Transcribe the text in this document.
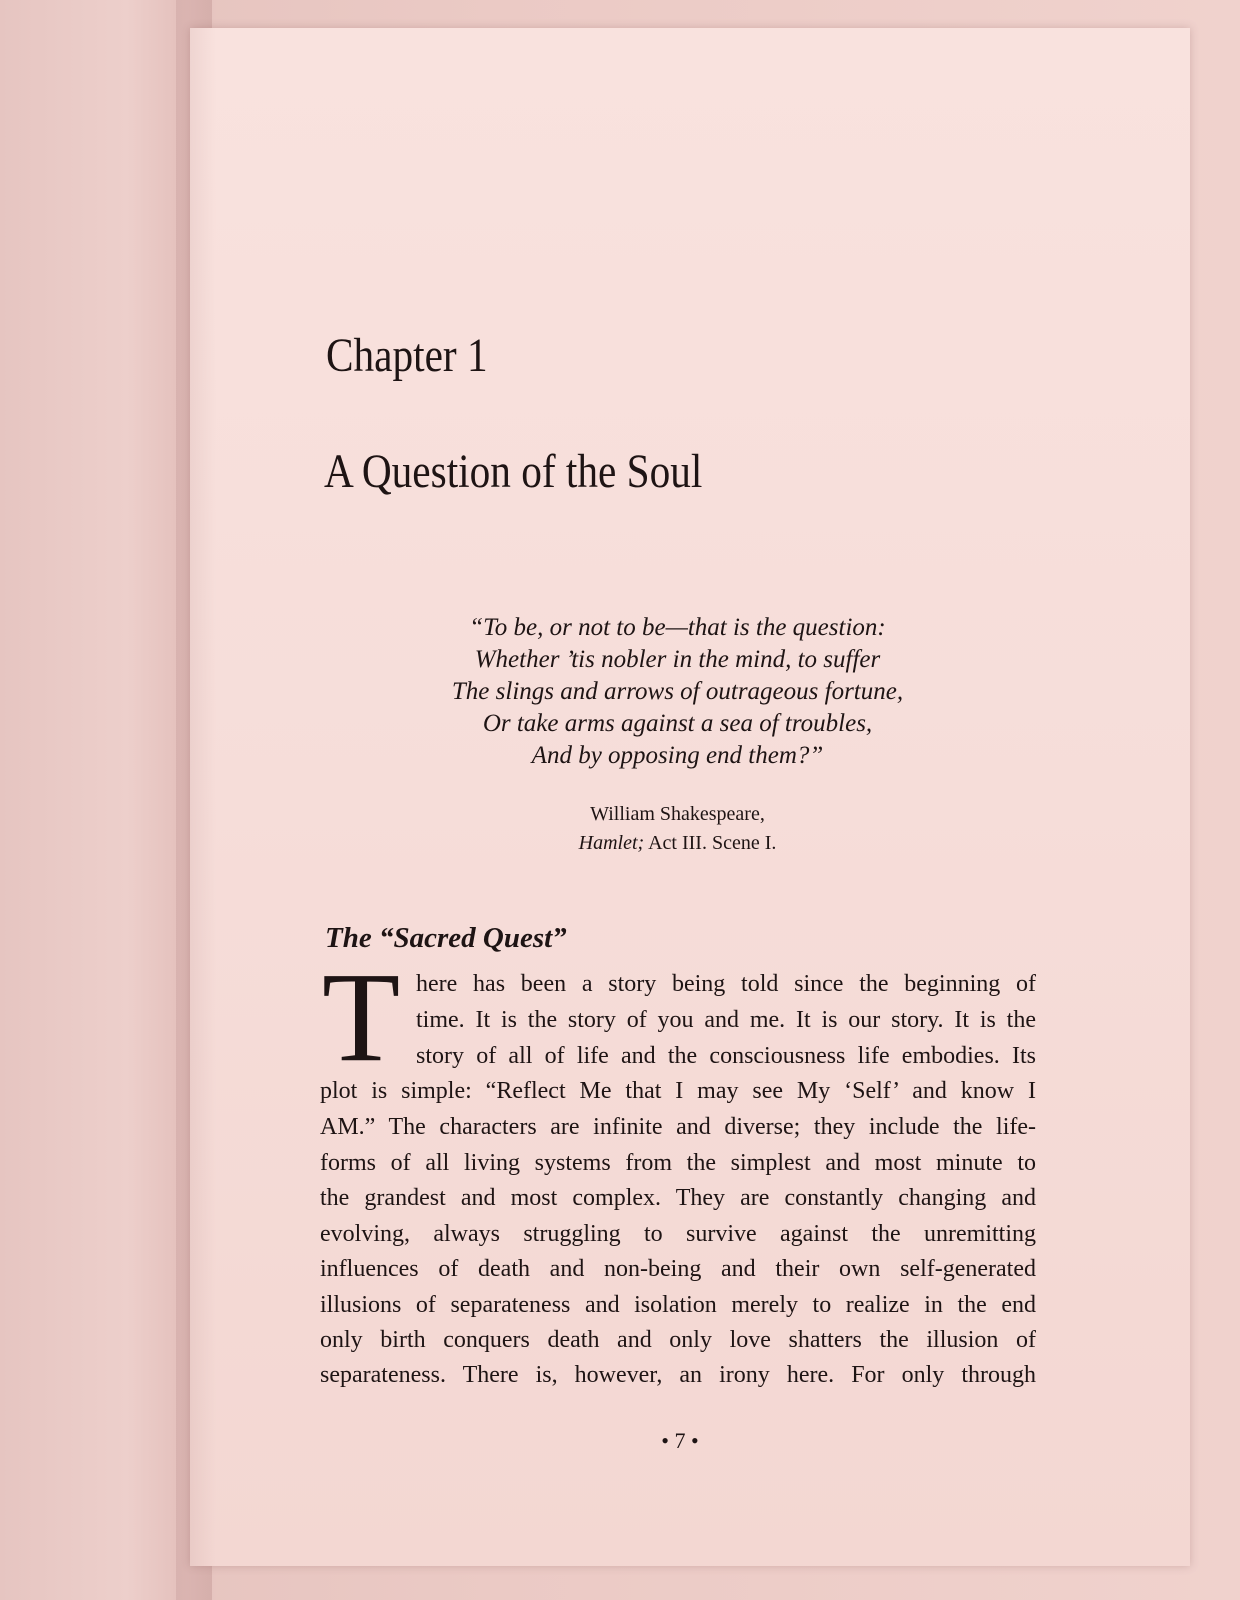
Chapter 1
A Question of the Soul
“To be, or not to be—that is the question:
Whether ’tis nobler in the mind, to suffer
The slings and arrows of outrageous fortune,
Or take arms against a sea of troubles,
And by opposing end them?”
William Shakespeare, Hamlet; Act III. Scene I.
The “Sacred Quest”
T here has been a story being told since the beginning of
time. It is the story of you and me. It is our story. It is the
story of all of life and the consciousness life embodies. Its
plot is simple: “Reflect Me that I may see My ‘Self’ and know I
AM.” The characters are infinite and diverse; they include the life-
forms of all living systems from the simplest and most minute to
the grandest and most complex. They are constantly changing and
evolving, always struggling to survive against the unremitting
influences of death and non-being and their own self-generated
illusions of separateness and isolation merely to realize in the end
only birth conquers death and only love shatters the illusion of
separateness. There is, however, an irony here. For only through
• 7 •
